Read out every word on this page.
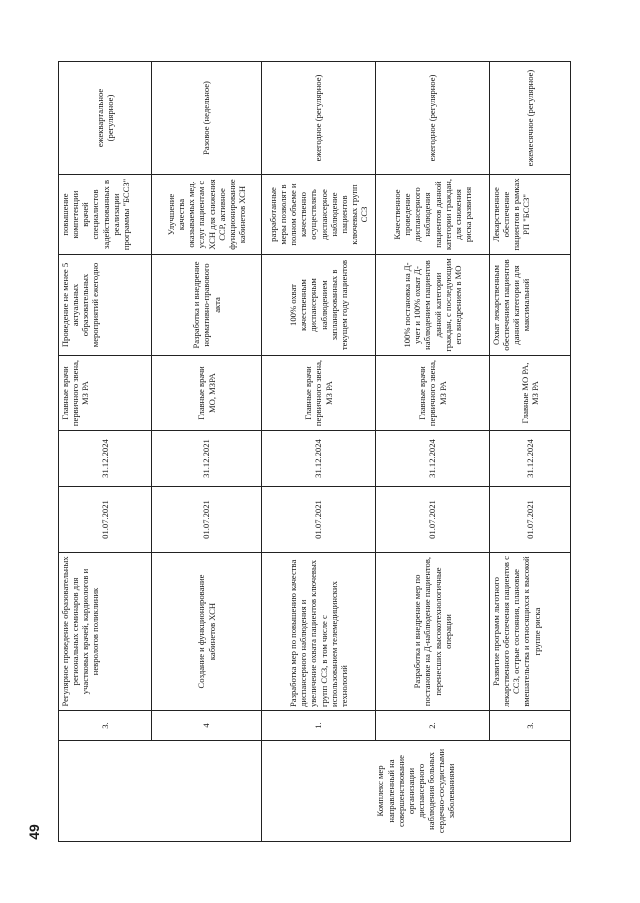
	3.	Регулярное проведение образовательных региональных семинаров для участковых врачей, кардиологов и неврологов поликлиник	01.07.2021	31.12.2024	Главные врачи первичного звена, МЗ РА	Проведение не менее 5 актуальных образовательных мероприятий ежегодно	повышение компетенции врачей специалистов задействованных в реализации программы "БССЗ"	ежеквартальное (регулярное)
	4	Создание и функционирование кабинетов ХСН	01.07.2021	31.12.2021	Главные врачи МО, МЗРА	Разработка и внедрение нормативно-правового акта	Улучшение качества оказываемых мед. услуг пациентам с ХСН для снижения ССР, активное функционирование кабинетов ХСН	Разовое (недельное)
Комплекс мер направленный на совершенствование организации диспансерного наблюдения больных сердечно-сосудистыми заболеваниями	1.	Разработка мер по повышению качества диспансерного наблюдения и увеличение охвата пациентов ключевых групп ССЗ, в том числе с использованием телемедицинских технологий	01.07.2021	31.12.2024	Главные врачи первичного звена, МЗ РА	100% охват качественным диспансерным наблюдением запланированных в текущем году пациентов	разработанные меры позволят в полном объеме и качественно осуществлять диспансерное наблюдение пациентов ключевых групп ССЗ	ежегодное (регулярное)
	2.	Разработка и внедрение мер по постановке на Д-наблюдение пациентов, перенесших высокотехнологичные операции	01.07.2021	31.12.2024	Главные врачи первичного звена, МЗ РА	100% постановка на Д-учет и 100% охват Д-наблюдением пациентов данной категории граждан, с последующим его внедрением в МО	Качественное проведение диспансерного наблюдения пациентов данной категории граждан, для снижения риска развития	ежегодное (регулярное)
	3.	Развитие программ льготного лекарственного обеспечения пациентов с ССЗ, острые состояния, плановые вмешательства и относящихся к высокой группе риска	01.07.2021	31.12.2024	Главные МО РА, МЗ РА	Охват лекарственным обеспечением пациентов данной категории для максимальной	Лекарственное обеспечение пациентов в рамках РП "БССЗ"	ежемесячное (регулярное)
49
